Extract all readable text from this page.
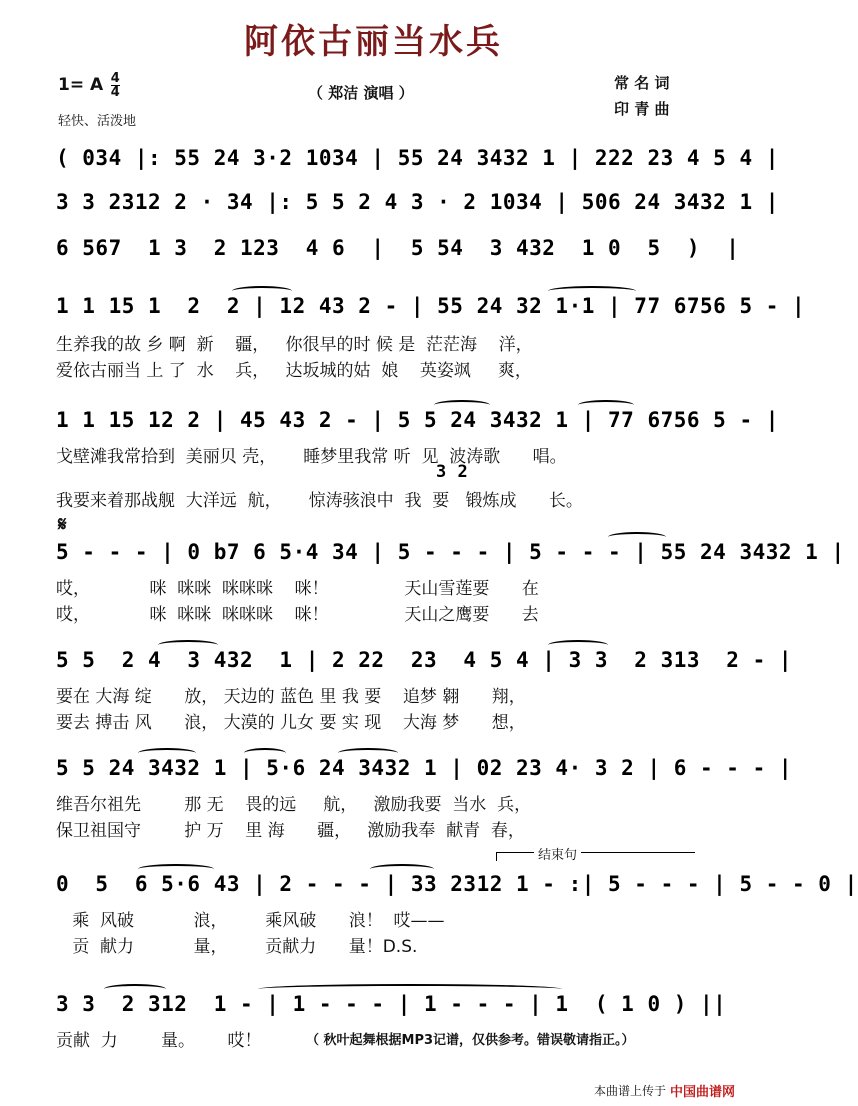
阿依古丽当水兵
1= A $\frac{4}{4}$
轻快、活泼地
（ 郑洁 演唱 ）
常 名 词
印 青 曲
( 034 |: 55 24 3·2 1034 | 55 24 3432 1 | 222 23 4 5 4 |
3 3 2312 2 · 34 |: 5 5 2 4 3 · 2 1034 | 506 24 3432 1 |
6 567  1 3  2 123  4 6  |  5 54  3 432  1 0  5  )  |
1 1 15 1  2  2 | 12 43 2 - | 55 24 32 1·1 | 77 6756 5 - |
生养我的故 乡 啊  新    疆，   你很早的时 候 是  茫茫海    洋，
爱依古丽当 上 了  水    兵，   达坂城的姑  娘    英姿飒     爽，
1 1 15 12 2 | 45 43 2 - | 5 5 24 3432 1 | 77 6756 5 - |
戈壁滩我常拾到  美丽贝 壳，     睡梦里我常 听  见  波涛歌      唱。
3 2
我要来着那战舰  大洋远  航，     惊涛骇浪中  我  要   锻炼成      长。
𝄋
5 - - - | 0 b7 6 5·4 34 | 5 - - - | 5 - - - | 55 24 3432 1 |
哎，           咪  咪咪  咪咪咪    咪！              天山雪莲要      在
哎，           咪  咪咪  咪咪咪    咪！              天山之鹰要      去
5 5  2 4  3 432  1 | 2 22  23  4 5 4 | 3 3  2 313  2 - |
要在 大海 绽      放， 天边的 蓝色 里 我 要    追梦 翱      翔，
要去 搏击 风      浪， 大漠的 儿女 要 实 现    大海 梦      想，
5 5 24 3432 1 | 5·6 24 3432 1 | 02 23 4· 3 2 | 6 - - - |
维吾尔祖先        那 无    畏的远     航，   激励我要  当水  兵，
保卫祖国守        护 万    里 海      疆，   激励我奉  献青  春，
结束句
0  5  6 5·6 43 | 2 - - - | 33 2312 1 - :| 5 - - - | 5 - - 0 |
乘  风破           浪，       乘风破      浪！  哎——
贡  献力           量，       贡献力      量！D.S.
3 3  2 312  1 - | 1 - - - | 1 - - - | 1  ( 1 0 ) ||
贡献  力        量。      哎！	（ 秋叶起舞根据MP3记谱，仅供参考。错误敬请指正。）
本曲谱上传于 中国曲谱网
